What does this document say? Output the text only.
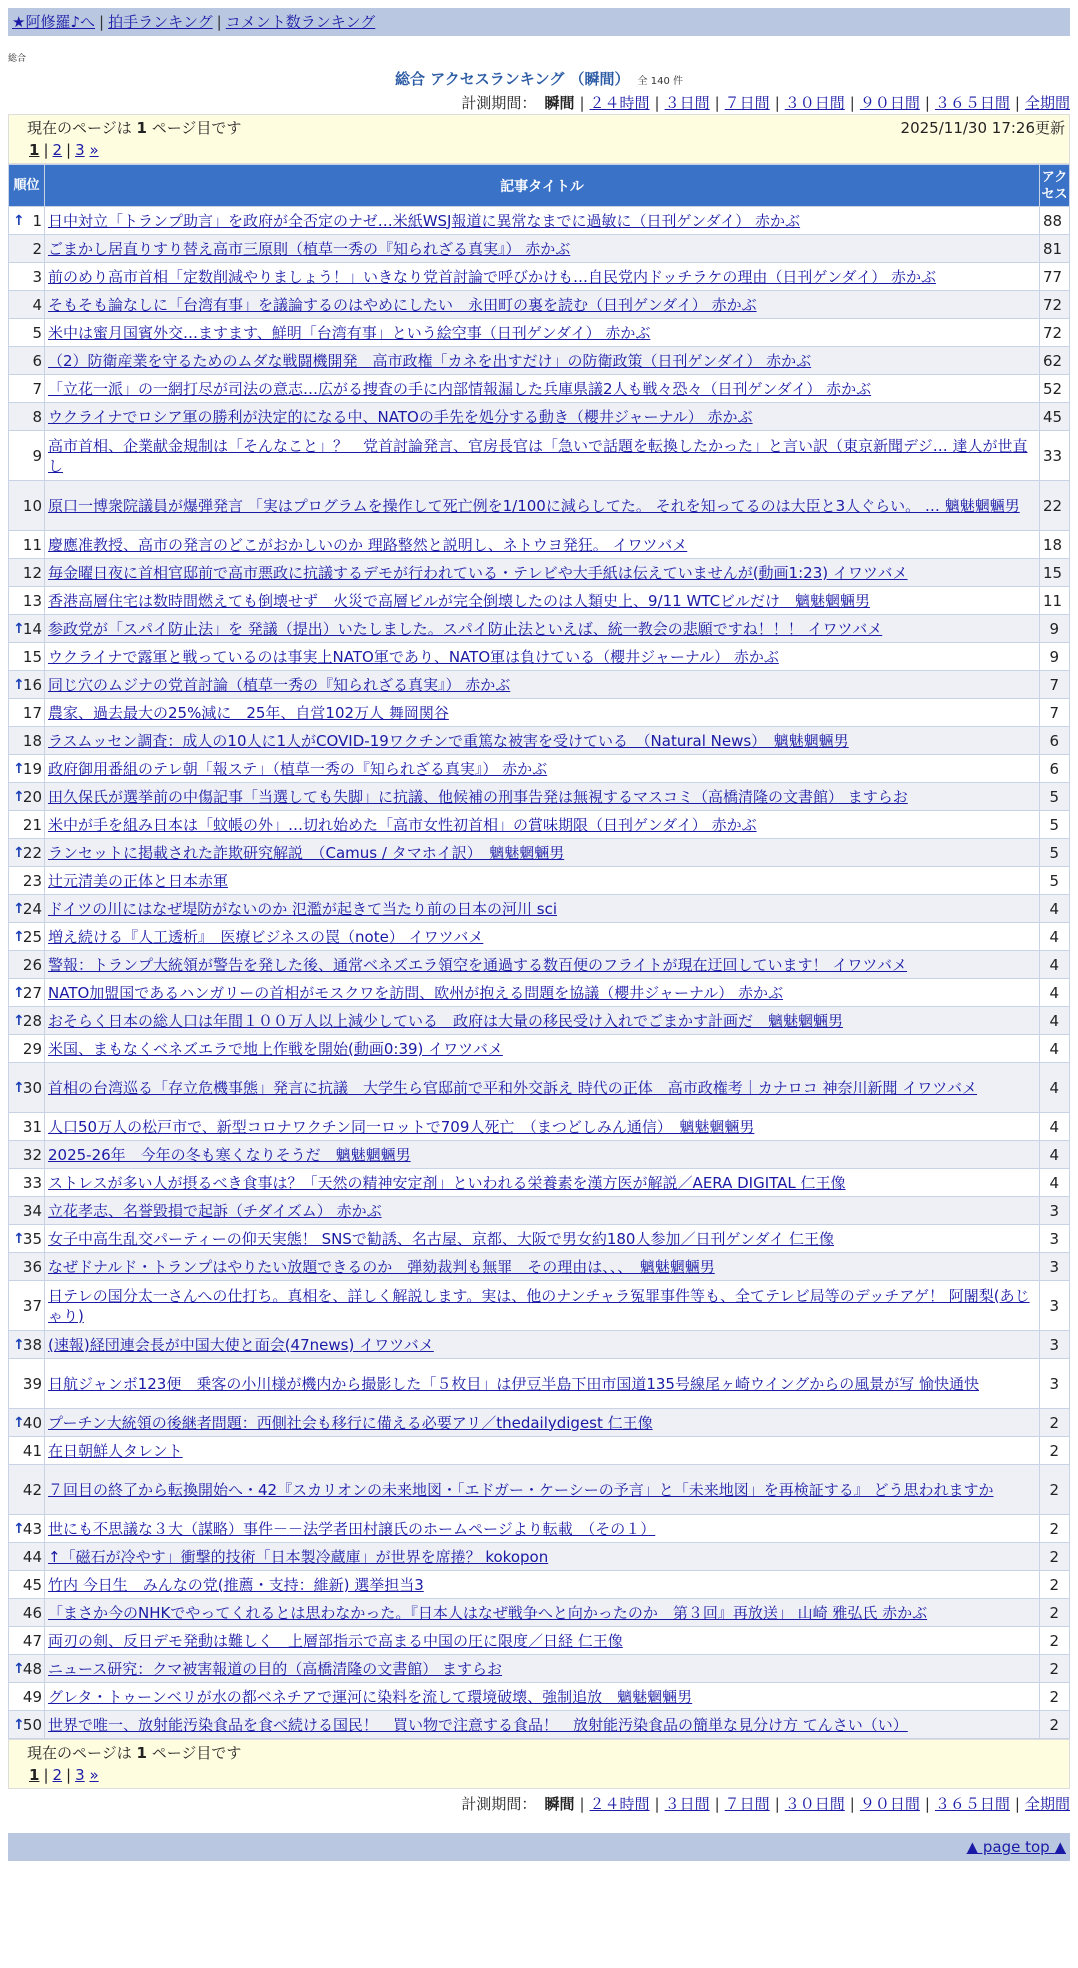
★阿修羅♪へ | 拍手ランキング | コメント数ランキング
総合
総合 アクセスランキング （瞬間） 全 140 件
計測期間： 瞬間 | ２４時間 | ３日間 | ７日間 | ３０日間 | ９０日間 | ３６５日間 | 全期間
現在のページは 1 ページ目です	2025/11/30 17:26更新
1 | 2 | 3 »
順位	記事タイトル	アクセス

↑ 1	日中対立「トランプ助言」を政府が全否定のナゼ…米紙WSJ報道に異常なまでに過敏に（日刊ゲンダイ） 赤かぶ	88
2	ごまかし居直りすり替え高市三原則（植草一秀の『知られざる真実』） 赤かぶ	81
3	前のめり高市首相「定数削減やりましょう！」いきなり党首討論で呼びかけも…自民党内ドッチラケの理由（日刊ゲンダイ） 赤かぶ	77
4	そもそも論なしに「台湾有事」を議論するのはやめにしたい　永田町の裏を読む（日刊ゲンダイ） 赤かぶ	72
5	米中は蜜月国賓外交…ますます、鮮明「台湾有事」という絵空事（日刊ゲンダイ） 赤かぶ	72
6	（2）防衛産業を守るためのムダな戦闘機開発　高市政権「カネを出すだけ」の防衛政策（日刊ゲンダイ） 赤かぶ	62
7	「立花一派」の一網打尽が司法の意志…広がる捜査の手に内部情報漏した兵庫県議2人も戦々恐々（日刊ゲンダイ） 赤かぶ	52
8	ウクライナでロシア軍の勝利が決定的になる中、NATOの手先を処分する動き（櫻井ジャーナル） 赤かぶ	45
9	高市首相、企業献金規制は「そんなこと」？　党首討論発言、官房長官は「急いで話題を転換したかった」と言い訳（東京新聞デジ… 達人が世直し	33
10	原口一博衆院議員が爆弾発言 「実はプログラムを操作して死亡例を1/100に減らしてた。 それを知ってるのは大臣と3人ぐらい。 … 魑魅魍魎男	22
11	慶應准教授、高市の発言のどこがおかしいのか 理路整然と説明し、ネトウヨ発狂。 イワツバメ	18
12	毎金曜日夜に首相官邸前で高市悪政に抗議するデモが行われている・テレビや大手紙は伝えていませんが(動画1:23) イワツバメ	15
13	香港高層住宅は数時間燃えても倒壊せず　火災で高層ビルが完全倒壊したのは人類史上、9/11 WTCビルだけ　魑魅魍魎男	11

↑
14	参政党が「スパイ防止法」を 発議（提出）いたしました。スパイ防止法といえば、統一教会の悲願ですね！！！ イワツバメ	9
15	ウクライナで露軍と戦っているのは事実上NATO軍であり、NATO軍は負けている（櫻井ジャーナル） 赤かぶ	9

↑
16	同じ穴のムジナの党首討論（植草一秀の『知られざる真実』） 赤かぶ	7
17	農家、過去最大の25%減に　25年、自営102万人 舞岡関谷	7
18	ラスムッセン調査：成人の10人に1人がCOVID-19ワクチンで重篤な被害を受けている　（Natural News）　魑魅魍魎男	6

↑
19	政府御用番組のテレ朝「報ステ」（植草一秀の『知られざる真実』） 赤かぶ	6

↑
20	田久保氏が選挙前の中傷記事「当選しても失脚」に抗議、他候補の刑事告発は無視するマスコミ（高橋清隆の文書館） ますらお	5
21	米中が手を組み日本は「蚊帳の外」…切れ始めた「高市女性初首相」の賞味期限（日刊ゲンダイ） 赤かぶ	5

↑
22	ランセットに掲載された詐欺研究解説　（Camus / タマホイ訳）　魑魅魍魎男	5
23	辻元清美の正体と日本赤軍	5

↑
24	ドイツの川にはなぜ堤防がないのか 氾濫が起きて当たり前の日本の河川 sci	4

↑
25	増え続ける『人工透析』　医療ビジネスの罠（note） イワツバメ	4
26	警報：トランプ大統領が警告を発した後、通常ベネズエラ領空を通過する数百便のフライトが現在迂回しています！ イワツバメ	4

↑
27	NATO加盟国であるハンガリーの首相がモスクワを訪問、欧州が抱える問題を協議（櫻井ジャーナル） 赤かぶ	4

↑
28	おそらく日本の総人口は年間１００万人以上減少している　政府は大量の移民受け入れでごまかす計画だ　魑魅魍魎男	4
29	米国、まもなくベネズエラで地上作戦を開始(動画0:39) イワツバメ	4

↑
30	首相の台湾巡る「存立危機事態」発言に抗議　大学生ら官邸前で平和外交訴え 時代の正体　高市政権考｜カナロコ 神奈川新聞 イワツバメ	4
31	人口50万人の松戸市で、新型コロナワクチン同一ロットで709人死亡　（まつどしみん通信）　魑魅魍魎男	4
32	2025-26年　今年の冬も寒くなりそうだ　魑魅魍魎男	4
33	ストレスが多い人が摂るべき食事は？「天然の精神安定剤」といわれる栄養素を漢方医が解説／AERA DIGITAL 仁王像	4
34	立花孝志、名誉毀損で起訴（チダイズム） 赤かぶ	3

↑
35	女子中高生乱交パーティーの仰天実態！ SNSで勧誘、名古屋、京都、大阪で男女約180人参加／日刊ゲンダイ 仁王像	3
36	なぜドナルド・トランプはやりたい放題できるのか　弾劾裁判も無罪　その理由は、、、　魑魅魍魎男	3
37	日テレの国分太一さんへの仕打ち。真相を、詳しく解説します。実は、他のナンチャラ冤罪事件等も、全てテレビ局等のデッチアゲ！ 阿闍梨(あじゃり)	3

↑
38	(速報)経団連会長が中国大使と面会(47news) イワツバメ	3
39	日航ジャンボ123便　乗客の小川様が機内から撮影した「５枚目」は伊豆半島下田市国道135号線尾ヶ崎ウイングからの風景が写 愉快通快	3

↑
40	プーチン大統領の後継者問題：西側社会も移行に備える必要アリ／thedailydigest 仁王像	2
41	在日朝鮮人タレント	2
42	７回目の終了から転換開始へ・42『スカリオンの未来地図・「エドガー・ケーシーの予言」と「未来地図」を再検証する』 どう思われますか	2

↑
43	世にも不思議な３大（謀略）事件－－法学者田村譲氏のホームページより転載　（その１）	2
44	↑「磁石が冷やす」衝撃的技術「日本製冷蔵庫」が世界を席捲？ kokopon	2
45	竹内 今日生　みんなの党(推薦・支持：維新) 選挙担当3	2
46	「まさか今のNHKでやってくれるとは思わなかった。『日本人はなぜ戦争へと向かったのか　第３回』再放送」 山崎 雅弘氏 赤かぶ	2
47	両刃の剣、反日デモ発動は難しく　上層部指示で高まる中国の圧に限度／日経 仁王像	2

↑
48	ニュース研究：クマ被害報道の目的（高橋清隆の文書館） ますらお	2
49	グレタ・トゥーンベリが水の都ベネチアで運河に染料を流して環境破壊、強制追放　魑魅魍魎男	2

↑
50	世界で唯一、放射能汚染食品を食べ続ける国民！　買い物で注意する食品！　放射能汚染食品の簡単な見分け方 てんさい（い）	2
現在のページは 1 ページ目です
1 | 2 | 3 »
計測期間： 瞬間 | ２４時間 | ３日間 | ７日間 | ３０日間 | ９０日間 | ３６５日間 | 全期間
▲ page top ▲
